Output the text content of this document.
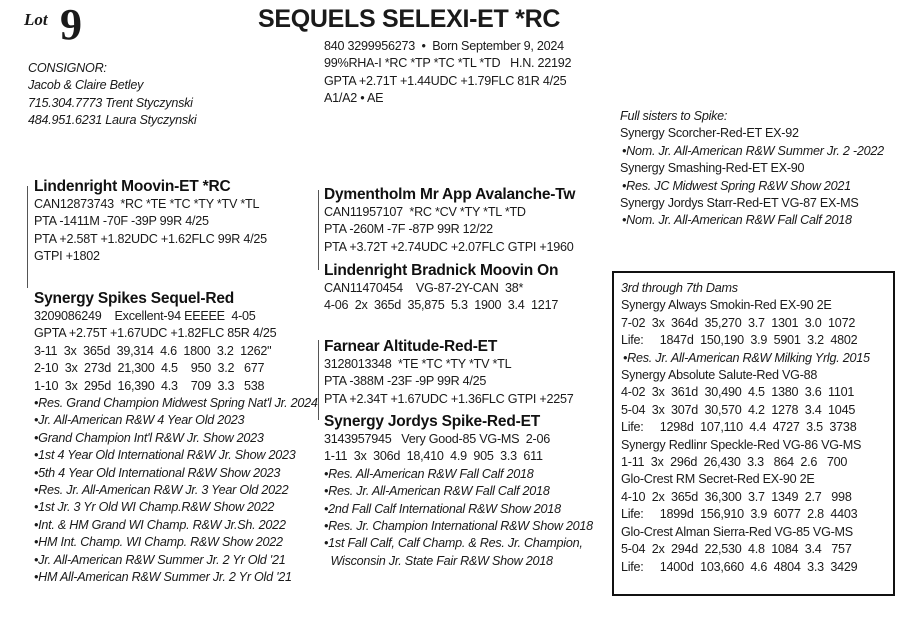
Lot 9	SEQUELS SELEXI-ET *RC
840 3299956273  •  Born September 9, 2024
99%RHA-I *RC *TP *TC *TL *TD   H.N. 22192
GPTA +2.71T +1.44UDC +1.79FLC 81R 4/25
A1/A2 • AE
CONSIGNOR:
Jacob & Claire Betley
715.304.7773 Trent Styczynski
484.951.6231 Laura Styczynski
Lindenright Moovin-ET *RC
CAN12873743  *RC *TE *TC *TY *TV *TL
PTA -1411M -70F -39P 99R 4/25
PTA +2.58T +1.82UDC +1.62FLC 99R 4/25
GTPI +1802
Synergy Spikes Sequel-Red
3209086249    Excellent-94 EEEEE  4-05
GPTA +2.75T +1.67UDC +1.82FLC 85R 4/25
3-11  3x  365d  39,314  4.6  1800  3.2  1262"
2-10  3x  273d  21,300  4.5    950  3.2   677
1-10  3x  295d  16,390  4.3    709  3.3   538
•Res. Grand Champion Midwest Spring Nat'l Jr. 2024
•Jr. All-American R&W 4 Year Old 2023
•Grand Champion Int'l R&W Jr. Show 2023
•1st 4 Year Old International R&W Jr. Show 2023
•5th 4 Year Old International R&W Show 2023
•Res. Jr. All-American R&W Jr. 3 Year Old 2022
•1st Jr. 3 Yr Old WI Champ.R&W Show 2022
•Int. & HM Grand WI Champ. R&W Jr.Sh. 2022
•HM Int. Champ. WI Champ. R&W Show 2022
•Jr. All-American R&W Summer Jr. 2 Yr Old '21
•HM All-American R&W Summer Jr. 2 Yr Old '21
Dymentholm Mr App Avalanche-Tw
CAN11957107  *RC *CV *TY *TL *TD
PTA -260M -7F -87P 99R 12/22
PTA +3.72T +2.74UDC +2.07FLC GTPI +1960
Lindenright Bradnick Moovin On
CAN11470454    VG-87-2Y-CAN  38*
4-06  2x  365d  35,875  5.3  1900  3.4  1217
Farnear Altitude-Red-ET
3128013348  *TE *TC *TY *TV *TL
PTA -388M -23F -9P 99R 4/25
PTA +2.34T +1.67UDC +1.36FLC GTPI +2257
Synergy Jordys Spike-Red-ET
3143957945   Very Good-85 VG-MS  2-06
1-11  3x  306d  18,410  4.9  905  3.3  611
•Res. All-American R&W Fall Calf 2018
•Res. Jr. All-American R&W Fall Calf 2018
•2nd Fall Calf International R&W Show 2018
•Res. Jr. Champion International R&W Show 2018
•1st Fall Calf, Calf Champ. & Res. Jr. Champion,
Wisconsin Jr. State Fair R&W Show 2018
Full sisters to Spike:
Synergy Scorcher-Red-ET EX-92
•Nom. Jr. All-American R&W Summer Jr. 2 -2022
Synergy Smashing-Red-ET EX-90
•Res. JC Midwest Spring R&W Show 2021
Synergy Jordys Starr-Red-ET VG-87 EX-MS
•Nom. Jr. All-American R&W Fall Calf 2018
3rd through 7th Dams
Synergy Always Smokin-Red EX-90 2E
7-02  3x  364d  35,270  3.7  1301  3.0  1072
Life:     1847d  150,190  3.9  5901  3.2  4802
•Res. Jr. All-American R&W Milking Yrlg. 2015
Synergy Absolute Salute-Red VG-88
4-02  3x  361d  30,490  4.5  1380  3.6  1101
5-04  3x  307d  30,570  4.2  1278  3.4  1045
Life:     1298d  107,110  4.4  4727  3.5  3738
Synergy Redlinr Speckle-Red VG-86 VG-MS
1-11  3x  296d  26,430  3.3   864  2.6   700
Glo-Crest RM Secret-Red EX-90 2E
4-10  2x  365d  36,300  3.7  1349  2.7   998
Life:     1899d  156,910  3.9  6077  2.8  4403
Glo-Crest Alman Sierra-Red VG-85 VG-MS
5-04  2x  294d  22,530  4.8  1084  3.4   757
Life:     1400d  103,660  4.6  4804  3.3  3429
